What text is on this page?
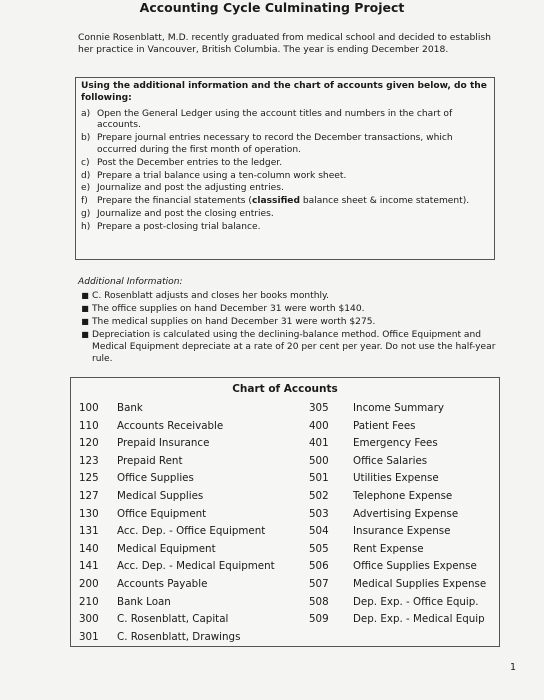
Accounting Cycle Culminating Project
Connie Rosenblatt, M.D. recently graduated from medical school and decided to establish her practice in Vancouver, British Columbia. The year is ending December 2018.
Using the additional information and the chart of accounts given below, do the following:
a) Open the General Ledger using the account titles and numbers in the chart of accounts.
b) Prepare journal entries necessary to record the December transactions, which occurred during the first month of operation.
c) Post the December entries to the ledger.
d) Prepare a trial balance using a ten-column work sheet.
e) Journalize and post the adjusting entries.
f)	Prepare the financial statements (classified balance sheet & income statement).
g) Journalize and post the closing entries.
h) Prepare a post-closing trial balance.
Additional Information:
■ C. Rosenblatt adjusts and closes her books monthly.
■ The office supplies on hand December 31 were worth $140.
■ The medical supplies on hand December 31 were worth $275.
■ Depreciation is calculated using the declining-balance method. Office Equipment and Medical Equipment depreciate at a rate of 20 per cent per year. Do not use the half-year rule.
Chart of Accounts
100	Bank
110	Accounts Receivable
120	Prepaid Insurance
123	Prepaid Rent
125	Office Supplies
127	Medical Supplies
130	Office Equipment
131	Acc. Dep. - Office Equipment
140	Medical Equipment
141	Acc. Dep. - Medical Equipment
200	Accounts Payable
210	Bank Loan
300	C. Rosenblatt, Capital
301	C. Rosenblatt, Drawings
305	Income Summary
400	Patient Fees
401	Emergency Fees
500	Office Salaries
501	Utilities Expense
502	Telephone Expense
503	Advertising Expense
504	Insurance Expense
505	Rent Expense
506	Office Supplies Expense
507	Medical Supplies Expense
508	Dep. Exp. - Office Equip.
509	Dep. Exp. - Medical Equip
1
